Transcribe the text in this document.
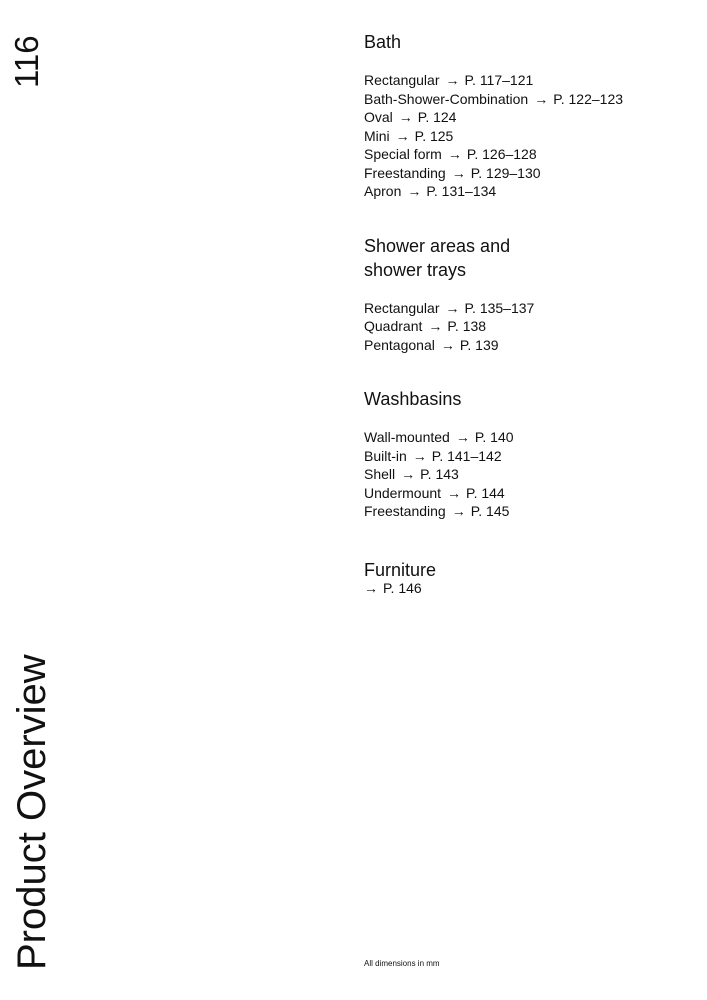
116
Product Overview
Bath
Rectangular → P. 117–121
Bath-Shower-Combination → P. 122–123
Oval → P. 124
Mini → P. 125
Special form → P. 126–128
Freestanding → P. 129–130
Apron → P. 131–134
Shower areas and
shower trays
Rectangular → P. 135–137
Quadrant → P. 138
Pentagonal → P. 139
Washbasins
Wall-mounted → P. 140
Built-in → P. 141–142
Shell → P. 143
Undermount → P. 144
Freestanding → P. 145
Furniture
→ P. 146
All dimensions in mm
